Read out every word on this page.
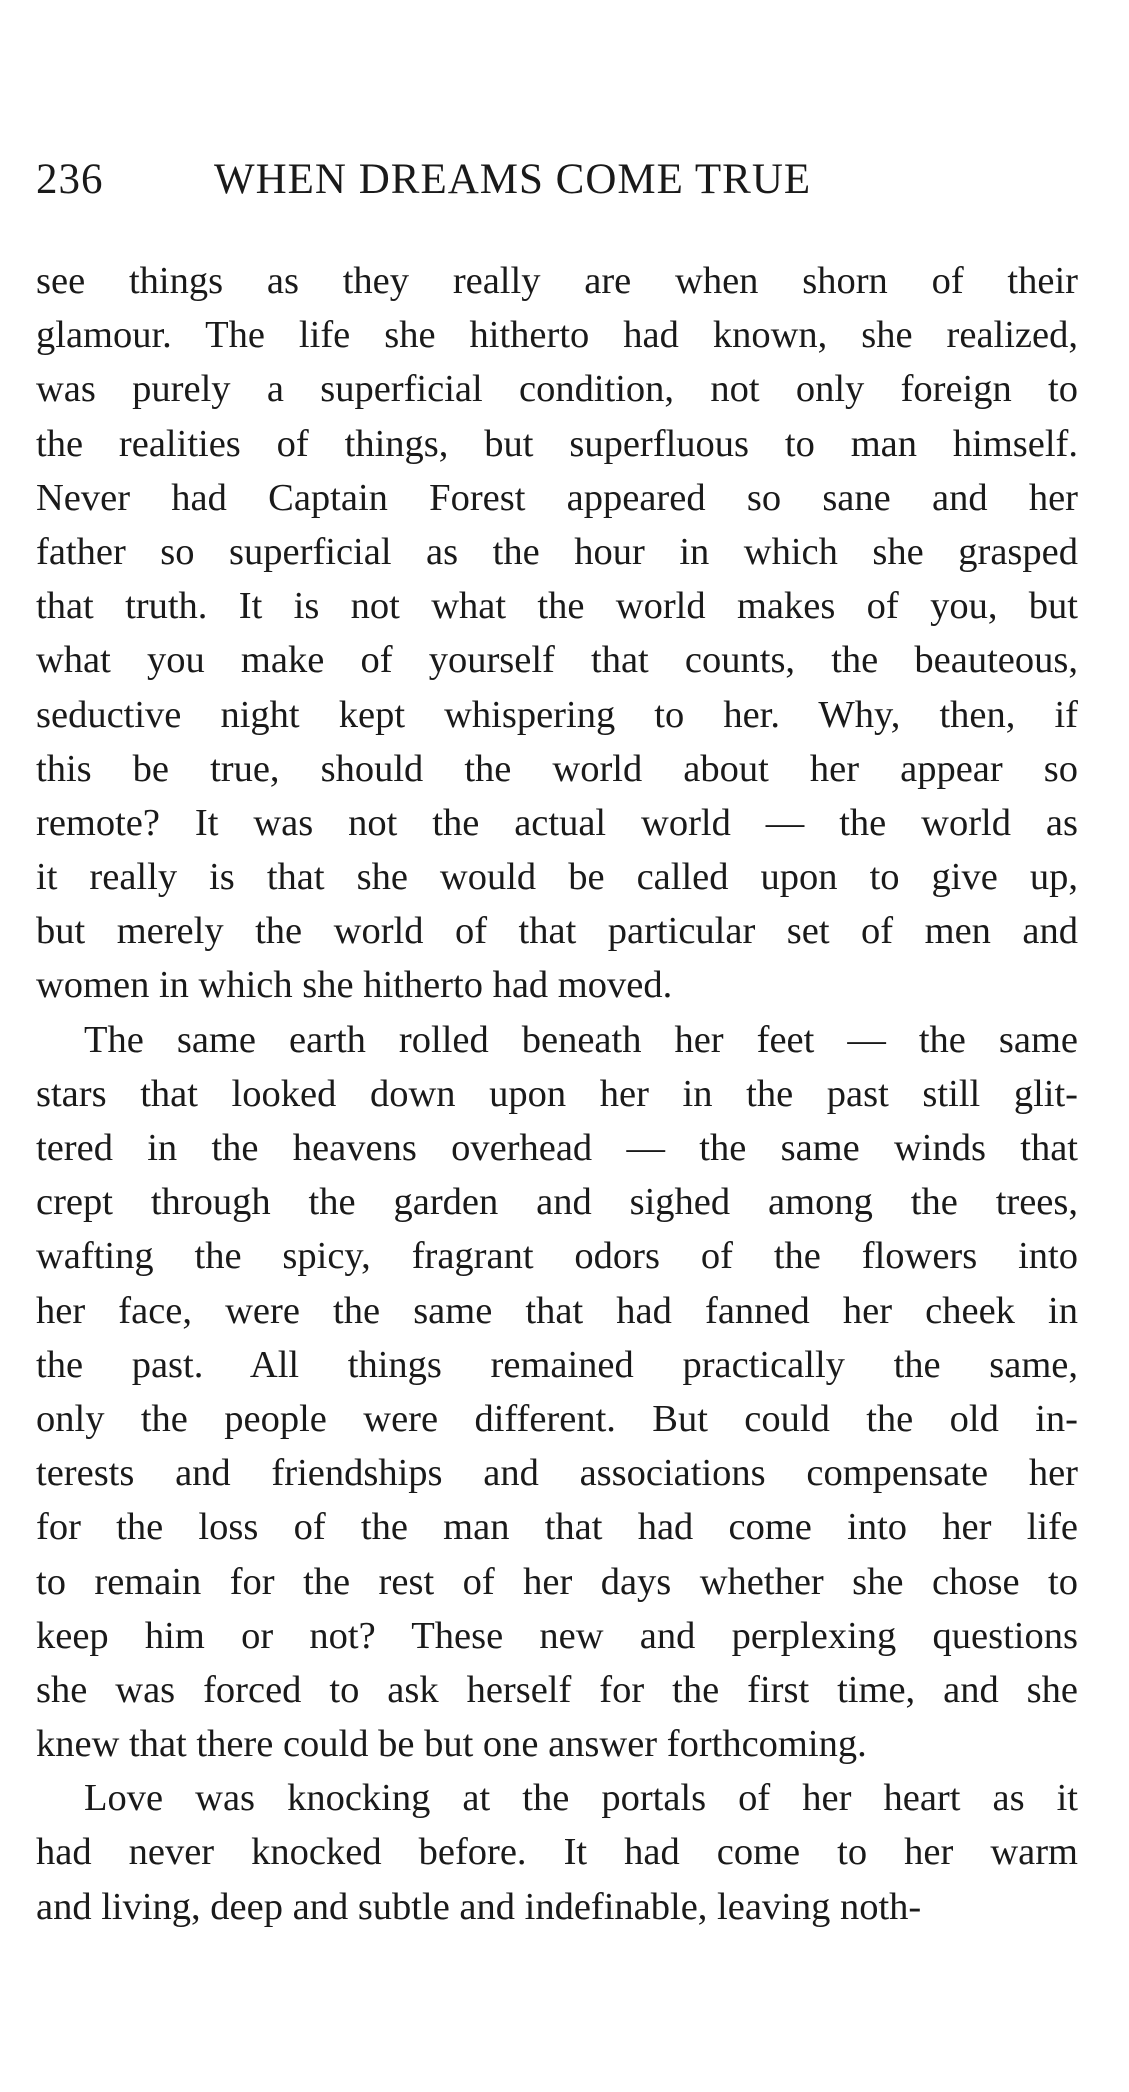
236	WHEN DREAMS COME TRUE

see things as they really are when shorn of their
glamour. The life she hitherto had known, she realized,
was purely a superficial condition, not only foreign to
the realities of things, but superfluous to man himself.
Never had Captain Forest appeared so sane and her
father so superficial as the hour in which she grasped
that truth. It is not what the world makes of you, but
what you make of yourself that counts, the beauteous,
seductive night kept whispering to her. Why, then, if
this be true, should the world about her appear so
remote? It was not the actual world — the world as
it really is that she would be called upon to give up,
but merely the world of that particular set of men and
women in which she hitherto had moved.

The same earth rolled beneath her feet — the same
stars that looked down upon her in the past still glit-
tered in the heavens overhead — the same winds that
crept through the garden and sighed among the trees,
wafting the spicy, fragrant odors of the flowers into
her face, were the same that had fanned her cheek in
the past. All things remained practically the same,
only the people were different. But could the old in-
terests and friendships and associations compensate her
for the loss of the man that had come into her life
to remain for the rest of her days whether she chose to
keep him or not? These new and perplexing questions
she was forced to ask herself for the first time, and she
knew that there could be but one answer forthcoming.

Love was knocking at the portals of her heart as it
had never knocked before. It had come to her warm
and living, deep and subtle and indefinable, leaving noth-
